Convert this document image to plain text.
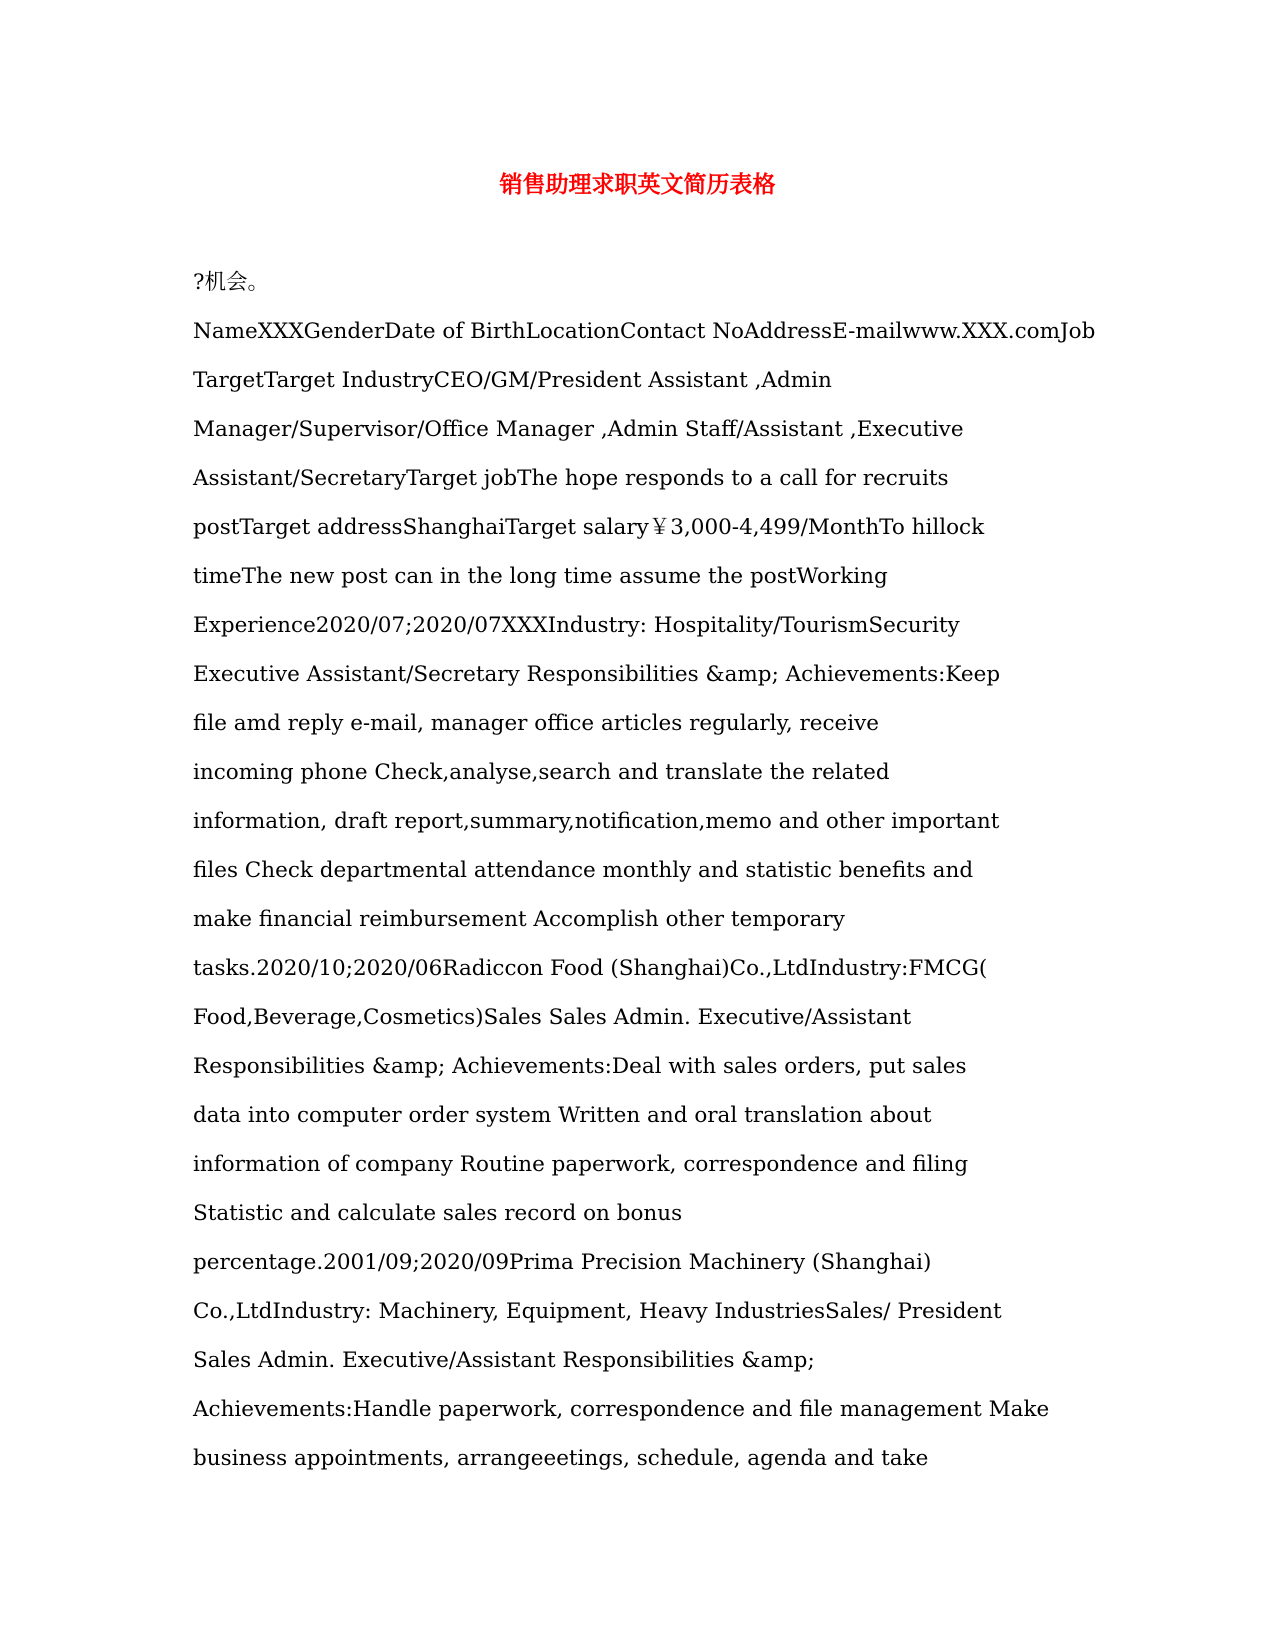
销售助理求职英文简历表格
?机会。
NameXXXGenderDate of BirthLocationContact NoAddressE-mailwww.XXX.comJob
TargetTarget IndustryCEO/GM/President Assistant ,Admin
Manager/Supervisor/Office Manager ,Admin Staff/Assistant ,Executive
Assistant/SecretaryTarget jobThe hope responds to a call for recruits
postTarget addressShanghaiTarget salary￥3,000-4,499/MonthTo hillock
timeThe new post can in the long time assume the postWorking
Experience2020/07;2020/07XXXIndustry: Hospitality/TourismSecurity
Executive Assistant/Secretary Responsibilities &amp; Achievements:Keep
file amd reply e-mail, manager office articles regularly, receive
incoming phone Check,analyse,search and translate the related
information, draft report,summary,notification,memo and other important
files Check departmental attendance monthly and statistic benefits and
make financial reimbursement Accomplish other temporary
tasks.2020/10;2020/06Radiccon Food (Shanghai)Co.,LtdIndustry:FMCG(
Food,Beverage,Cosmetics)Sales Sales Admin. Executive/Assistant
Responsibilities &amp; Achievements:Deal with sales orders, put sales
data into computer order system Written and oral translation about
information of company Routine paperwork, correspondence and filing
Statistic and calculate sales record on bonus
percentage.2001/09;2020/09Prima Precision Machinery (Shanghai)
Co.,LtdIndustry: Machinery, Equipment, Heavy IndustriesSales/ President
Sales Admin. Executive/Assistant Responsibilities &amp;
Achievements:Handle paperwork, correspondence and file management Make
business appointments, arrangeeetings, schedule, agenda and take
